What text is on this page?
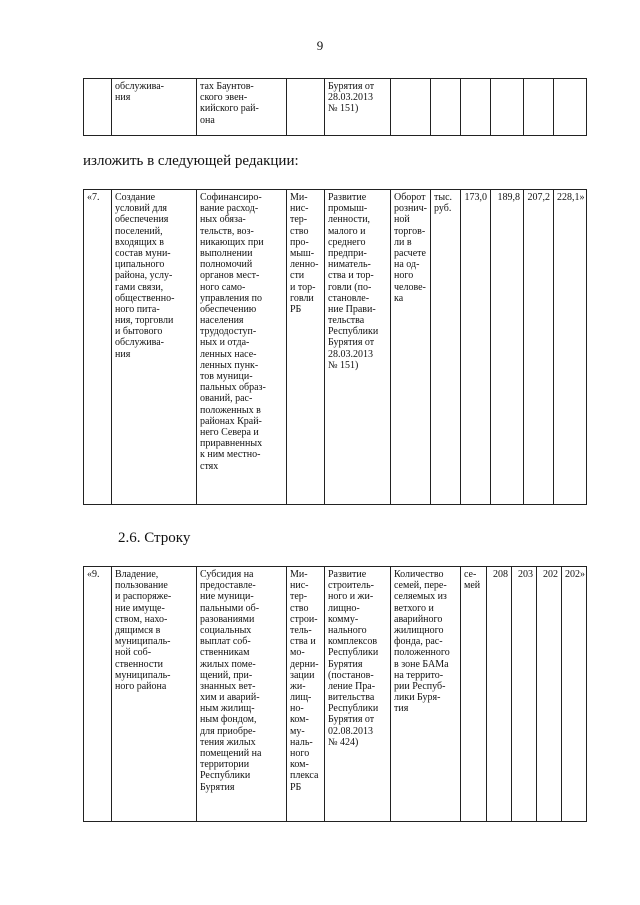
9
	обслужива-
ния	тах Баунтов-
ского эвен-
кийского рай-
она		Бурятия от
28.03.2013
№ 151)						
изложить в следующей редакции:
«7.	Создание
условий для
обеспечения
поселений,
входящих в
состав муни-
ципального
района, услу-
гами связи,
общественно-
ного пита-
ния, торговли
и бытового
обслужива-
ния	Софинансиро-
вание расход-
ных обяза-
тельств, воз-
никающих при
выполнении
полномочий
органов мест-
ного само-
управления по
обеспечению
населения
трудодоступ-
ных и отда-
ленных насе-
ленных пунк-
тов муници-
пальных образ-
ований, рас-
положенных в
районах Край-
него Севера и
приравненных
к ним местно-
стях	Ми-
нис-
тер-
ство
про-
мыш-
ленно-
сти
и тор-
говли
РБ	Развитие
промыш-
ленности,
малого и
среднего
предпри-
ниматель-
ства и тор-
говли (по-
становле-
ние Прави-
тельства
Республики
Бурятия от
28.03.2013
№ 151)	Оборот
рознич-
ной
торгов-
ли в
расчете
на од-
ного
челове-
ка	тыс.
руб.	173,0	189,8	207,2	228,1»
2.6. Строку
«9.	Владение,
пользование
и распоряже-
ние имуще-
ством, нахо-
дящимся в
муниципаль-
ной соб-
ственности
муниципаль-
ного района	Субсидия на
предоставле-
ние муници-
пальными об-
разованиями
социальных
выплат соб-
ственникам
жилых поме-
щений, при-
знанных вет-
хим и аварий-
ным жилищ-
ным фондом,
для приобре-
тения жилых
помещений на
территории
Республики
Бурятия	Ми-
нис-
тер-
ство
строи-
тель-
ства и
мо-
дерни-
зации
жи-
лищ-
но-
ком-
му-
наль-
ного
ком-
плекса
РБ	Развитие
строитель-
ного и жи-
лищно-
комму-
нального
комплексов
Республики
Бурятия
(постанов-
ление Пра-
вительства
Республики
Бурятия от
02.08.2013
№ 424)	Количество
семей, пере-
селяемых из
ветхого и
аварийного
жилищного
фонда, рас-
положенного
в зоне БАМа
на террито-
рии Респуб-
лики Буря-
тия	се-
мей	208	203	202	202»
